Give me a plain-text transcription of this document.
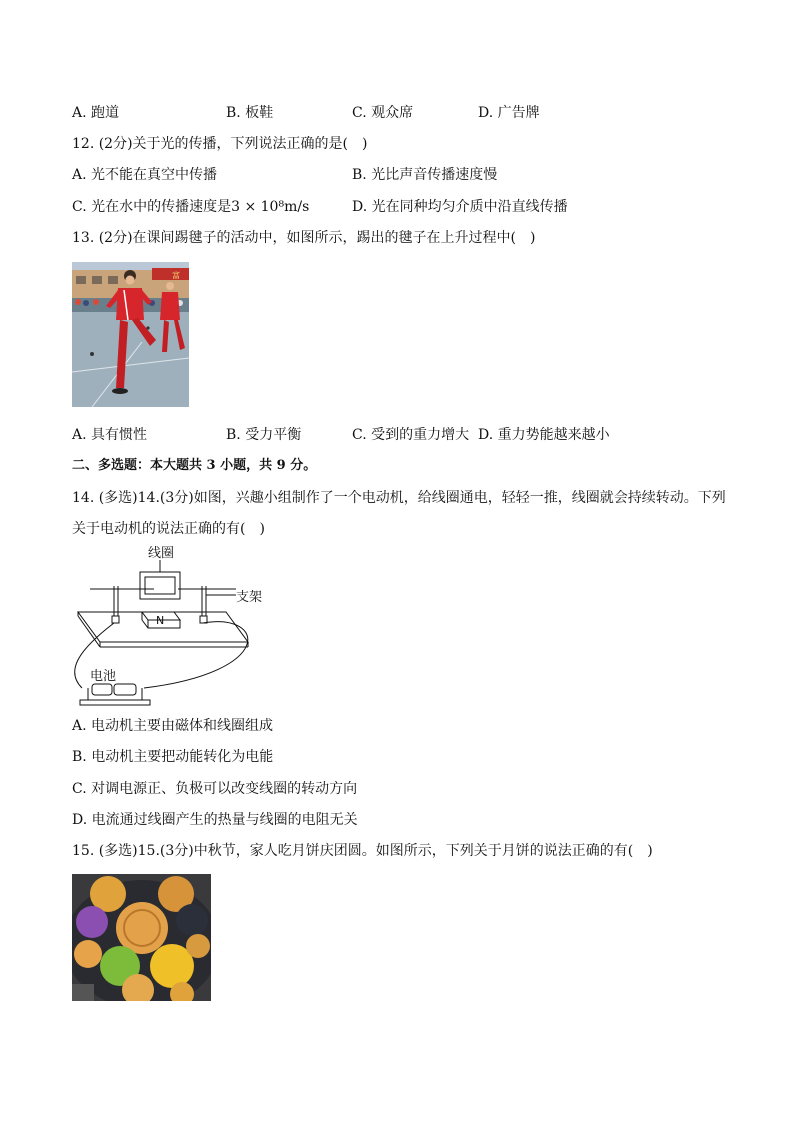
A. 跑道	B. 板鞋	C. 观众席	D. 广告牌
12. (2分)关于光的传播，下列说法正确的是(　)
A. 光不能在真空中传播	B. 光比声音传播速度慢
C. 光在水中的传播速度是3 × 10⁸m/s	D. 光在同种均匀介质中沿直线传播
13. (2分)在课间踢毽子的活动中，如图所示，踢出的毽子在上升过程中(　)
富
A. 具有惯性	B. 受力平衡	C. 受到的重力增大 D. 重力势能越来越小
二、多选题：本大题共 3 小题，共 9 分。
14. (多选)14.(3分)如图，兴趣小组制作了一个电动机，给线圈通电，轻轻一推，线圈就会持续转动。下列
关于电动机的说法正确的有(　)
线圈
支架
N
电池
A. 电动机主要由磁体和线圈组成
B. 电动机主要把动能转化为电能
C. 对调电源正、负极可以改变线圈的转动方向
D. 电流通过线圈产生的热量与线圈的电阻无关
15. (多选)15.(3分)中秋节，家人吃月饼庆团圆。如图所示，下列关于月饼的说法正确的有(　)
